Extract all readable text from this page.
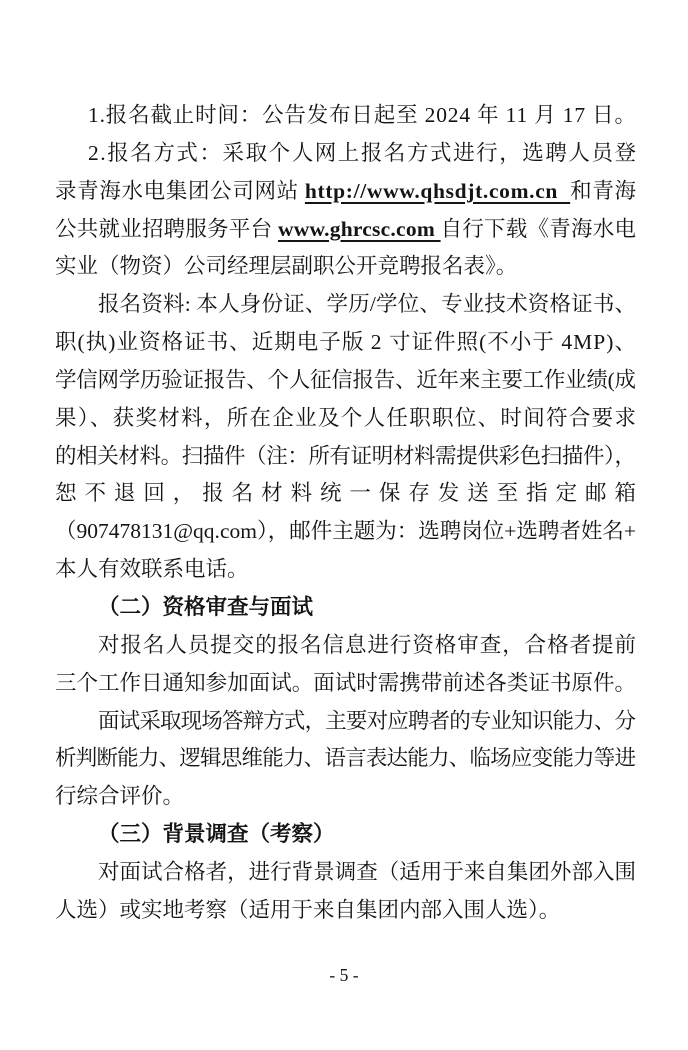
1.报名截止时间：公告发布日起至 2024 年 11 月 17 日。
2.报名方式：采取个人网上报名方式进行，选聘人员登
录青海水电集团公司网站 http://www.qhsdjt.com.cn  和青海
公共就业招聘服务平台 www.ghrcsc.com 自行下载《青海水电
实业（物资）公司经理层副职公开竞聘报名表》。
报名资料: 本人身份证、学历/学位、专业技术资格证书、
职(执)业资格证书、近期电子版 2 寸证件照(不小于 4MP)、
学信网学历验证报告、个人征信报告、近年来主要工作业绩(成
果）、获奖材料，所在企业及个人任职职位、时间符合要求
的相关材料。扫描件（注：所有证明材料需提供彩色扫描件），
恕不退回，报名材料统一保存发送至指定邮箱
（907478131@qq.com），邮件主题为：选聘岗位+选聘者姓名+
本人有效联系电话。
（二）资格审查与面试
对报名人员提交的报名信息进行资格审查，合格者提前
三个工作日通知参加面试。面试时需携带前述各类证书原件。
面试采取现场答辩方式，主要对应聘者的专业知识能力、分
析判断能力、逻辑思维能力、语言表达能力、临场应变能力等进
行综合评价。
（三）背景调查（考察）
对面试合格者，进行背景调查（适用于来自集团外部入围
人选）或实地考察（适用于来自集团内部入围人选）。
- 5 -
